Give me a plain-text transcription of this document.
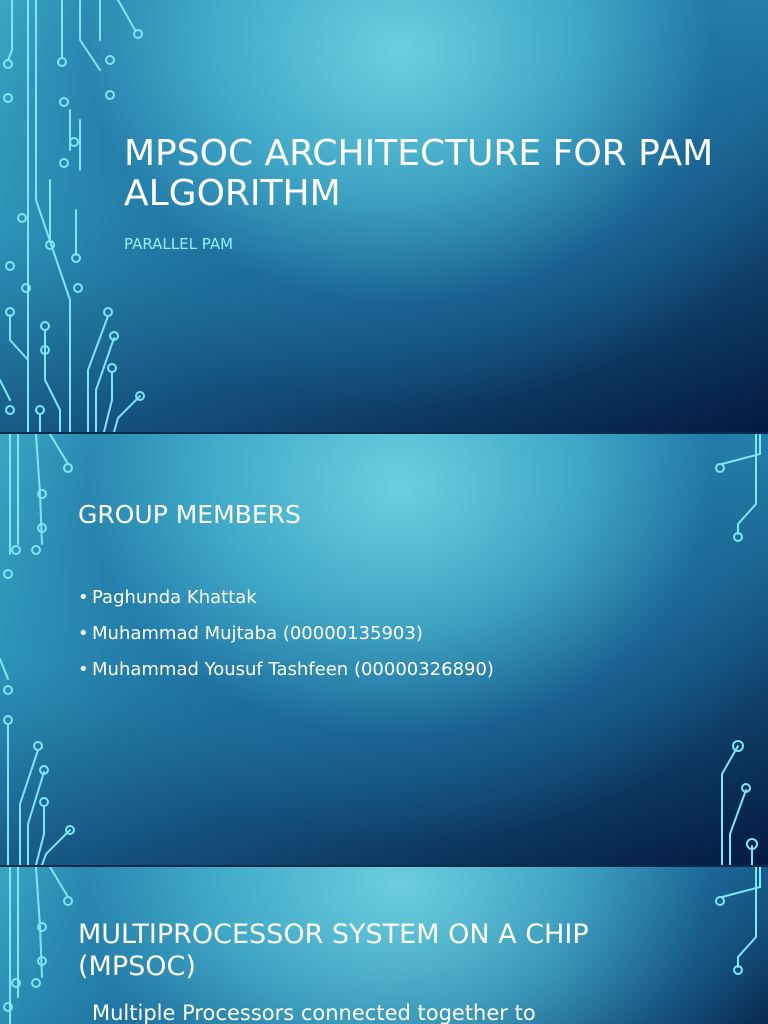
MPSOC ARCHITECTURE FOR PAM ALGORITHM
PARALLEL PAM
GROUP MEMBERS
• Paghunda Khattak
• Muhammad Mujtaba (00000135903)
• Muhammad Yousuf Tashfeen (00000326890)
MULTIPROCESSOR SYSTEM ON A CHIP (MPSOC)
Multiple Processors connected together to
